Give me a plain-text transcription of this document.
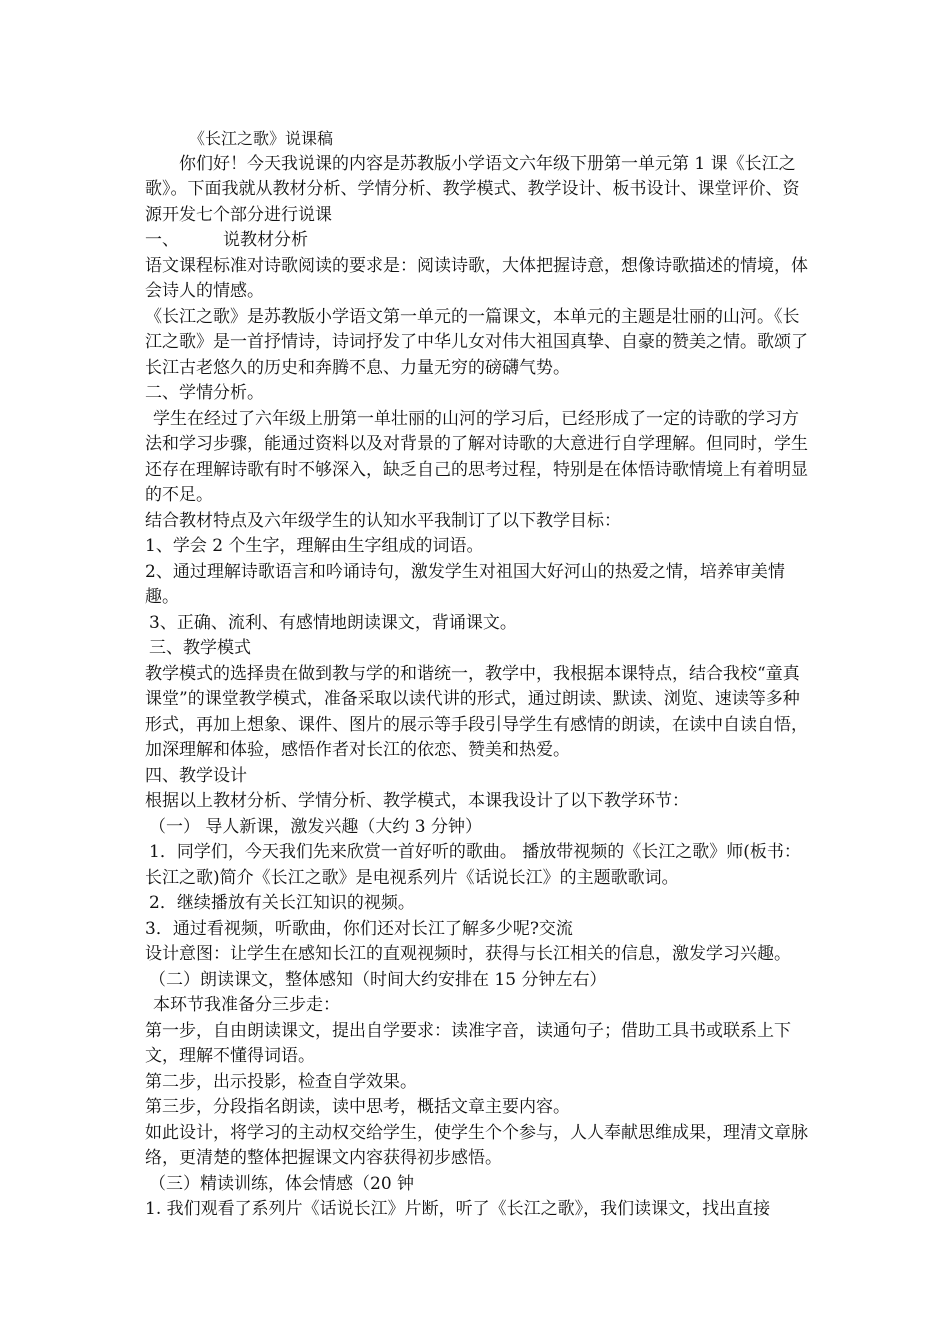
《长江之歌》说课稿

你们好！今天我说课的内容是苏教版小学语文六年级下册第一单元第 1 课《长江之歌》。下面我就从教材分析、学情分析、教学模式、教学设计、板书设计、课堂评价、资源开发七个部分进行说课

一、	说教材分析

语文课程标准对诗歌阅读的要求是：阅读诗歌，大体把握诗意，想像诗歌描述的情境，体会诗人的情感。

《长江之歌》是苏教版小学语文第一单元的一篇课文，本单元的主题是壮丽的山河。《长江之歌》是一首抒情诗，诗词抒发了中华儿女对伟大祖国真挚、自豪的赞美之情。歌颂了长江古老悠久的历史和奔腾不息、力量无穷的磅礴气势。

二、学情分析。

学生在经过了六年级上册第一单壮丽的山河的学习后，已经形成了一定的诗歌的学习方法和学习步骤，能通过资料以及对背景的了解对诗歌的大意进行自学理解。但同时，学生还存在理解诗歌有时不够深入，缺乏自己的思考过程，特别是在体悟诗歌情境上有着明显的不足。

结合教材特点及六年级学生的认知水平我制订了以下教学目标：

1、学会 2 个生字，理解由生字组成的词语。

2、通过理解诗歌语言和吟诵诗句，激发学生对祖国大好河山的热爱之情，培养审美情趣。

3、正确、流利、有感情地朗读课文，背诵课文。

三、教学模式

教学模式的选择贵在做到教与学的和谐统一，教学中，我根据本课特点，结合我校“童真课堂”的课堂教学模式，准备采取以读代讲的形式，通过朗读、默读、浏览、速读等多种形式，再加上想象、课件、图片的展示等手段引导学生有感情的朗读，在读中自读自悟，加深理解和体验，感悟作者对长江的依恋、赞美和热爱。

四、教学设计

根据以上教材分析、学情分析、教学模式，本课我设计了以下教学环节：

（一） 导人新课，激发兴趣（大约 3 分钟）

1．同学们，今天我们先来欣赏一首好听的歌曲。 播放带视频的《长江之歌》师(板书：长江之歌)简介《长江之歌》是电视系列片《话说长江》的主题歌歌词。

2．继续播放有关长江知识的视频。

3．通过看视频，听歌曲，你们还对长江了解多少呢?交流

设计意图：让学生在感知长江的直观视频时，获得与长江相关的信息，激发学习兴趣。

（二）朗读课文，整体感知（时间大约安排在 15 分钟左右）

本环节我准备分三步走：

第一步，自由朗读课文，提出自学要求：读准字音，读通句子；借助工具书或联系上下文，理解不懂得词语。

第二步，出示投影，检查自学效果。

第三步，分段指名朗读，读中思考，概括文章主要内容。

如此设计，将学习的主动权交给学生，使学生个个参与，人人奉献思维成果，理清文章脉络，更清楚的整体把握课文内容获得初步感悟。

（三）精读训练，体会情感（20 钟

1. 我们观看了系列片《话说长江》片断，听了《长江之歌》，我们读课文，找出直接
